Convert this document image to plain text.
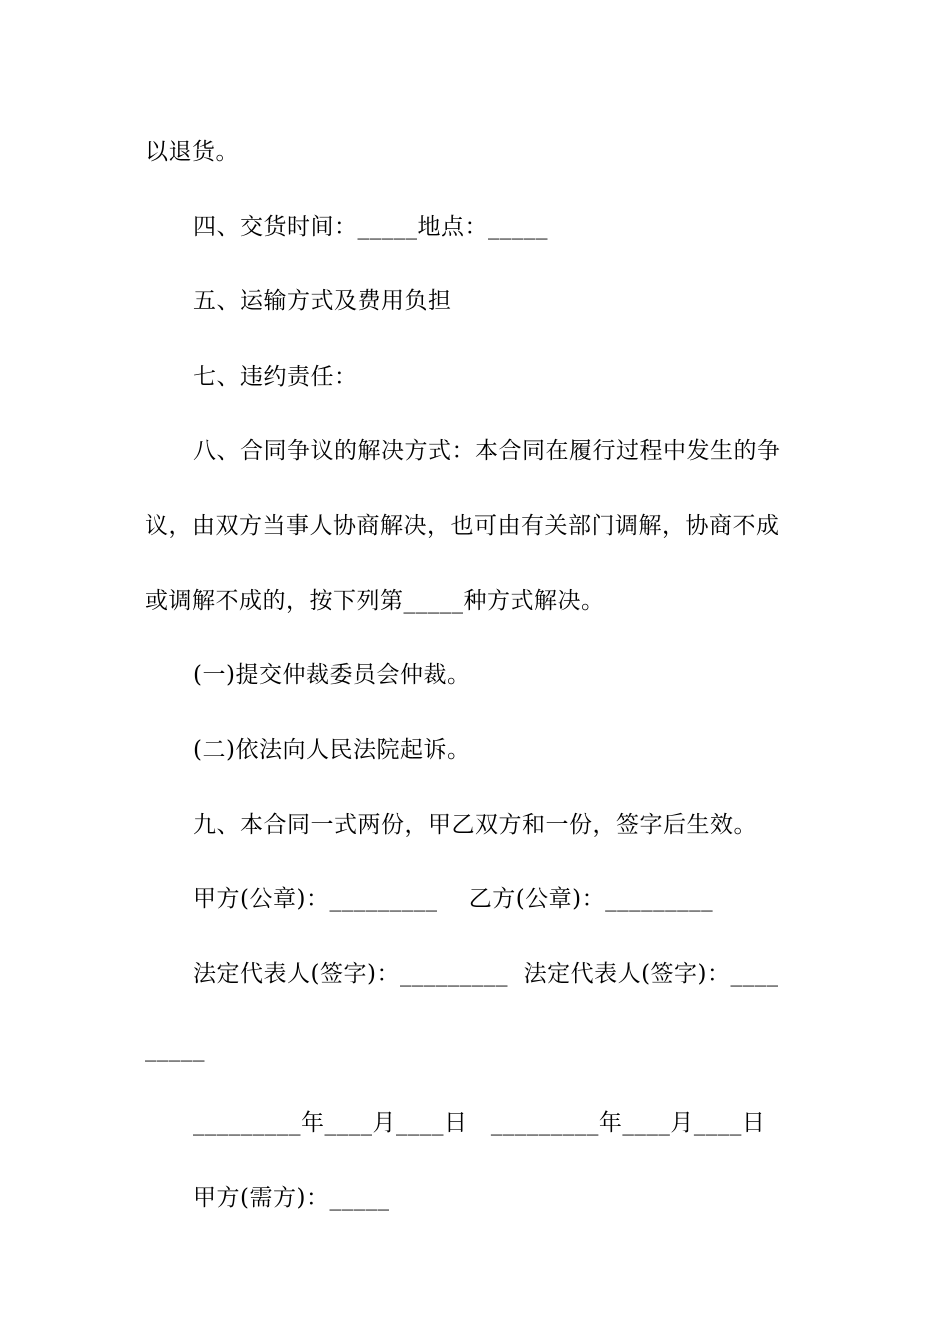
以退货。
四、交货时间：_____地点：_____
五、运输方式及费用负担
七、违约责任：
八、合同争议的解决方式：本合同在履行过程中发生的争
议，由双方当事人协商解决，也可由有关部门调解，协商不成
或调解不成的，按下列第_____种方式解决。
(一)提交仲裁委员会仲裁。
(二)依法向人民法院起诉。
九、本合同一式两份，甲乙双方和一份，签字后生效。
甲方(公章)：_________    乙方(公章)：_________
法定代表人(签字)：_________  法定代表人(签字)：____
_____
_________年____月____日   _________年____月____日
甲方(需方)：_____
